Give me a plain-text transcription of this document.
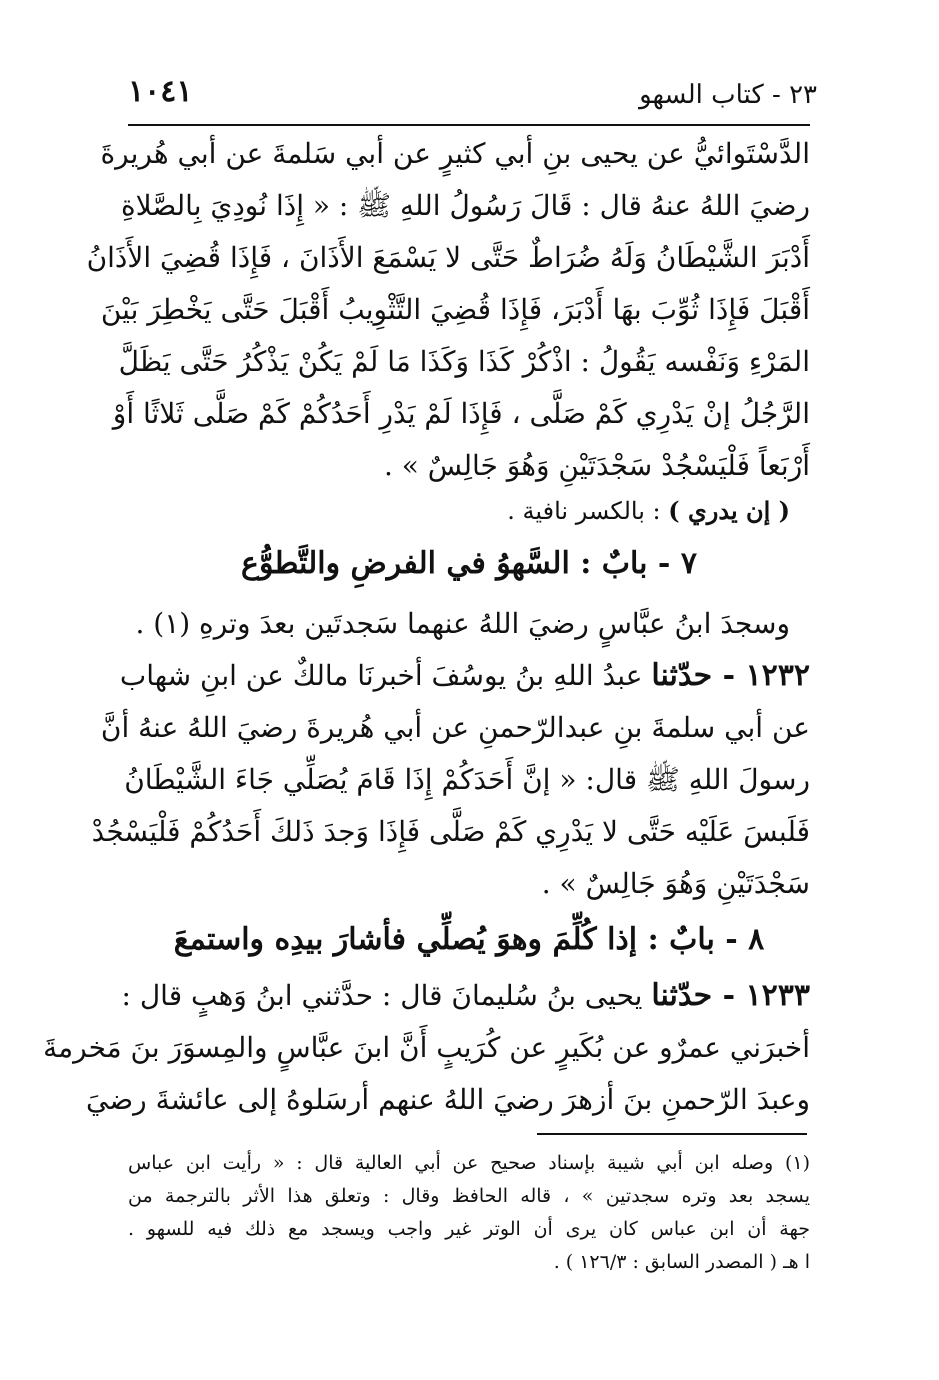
١٠٤١	٢٣ - كتاب السهو
الدَّسْتَوائيُّ عن يحيى بنِ أبي كثيرٍ عن أبي سَلمةَ عن أبي هُريرةَ
رضيَ اللهُ عنهُ قال : قَالَ رَسُولُ اللهِ ﷺ : « إِذَا نُودِيَ بِالصَّلاةِ
أَدْبَرَ الشَّيْطَانُ وَلَهُ ضُرَاطٌ حَتَّى لا يَسْمَعَ الأَذَانَ ، فَإِذَا قُضِيَ الأَذَانُ
أَقْبَلَ فَإِذَا ثُوِّبَ بهَا أَدْبَرَ، فَإِذَا قُضِيَ التَّثْوِيبُ أَقْبَلَ حَتَّى يَخْطِرَ بَيْنَ
المَرْءِ وَنَفْسه يَقُولُ : اذْكُرْ كَذَا وَكَذَا مَا لَمْ يَكُنْ يَذْكُرُ حَتَّى يَظَلَّ
الرَّجُلُ إنْ يَدْرِي كَمْ صَلَّى ، فَإِذَا لَمْ يَدْرِ أَحَدُكُمْ كَمْ صَلَّى ثَلاثًا أَوْ
أَرْبَعاً فَلْيَسْجُدْ سَجْدَتَيْنِ وَهُوَ جَالِسٌ » .
( إن يدري ) : بالكسر نافية .
٧ - بابٌ : السَّهوُ في الفرضِ والتَّطوُّع
وسجدَ ابنُ عبَّاسٍ رضيَ اللهُ عنهما سَجدتَين بعدَ وترهِ (١) .
١٢٣٢ - حدّثنا عبدُ اللهِ بنُ يوسُفَ أخبرنَا مالكٌ عن ابنِ شهاب
عن أبي سلمةَ بنِ عبدالرّحمنِ عن أبي هُريرةَ رضيَ اللهُ عنهُ أنَّ
رسولَ اللهِ ﷺ قال: « إنَّ أَحَدَكُمْ إِذَا قَامَ يُصَلِّي جَاءَ الشَّيْطَانُ
فَلَبسَ عَلَيْه حَتَّى لا يَدْرِي كَمْ صَلَّى فَإِذَا وَجدَ ذَلكَ أَحَدُكُمْ فَلْيَسْجُدْ
سَجْدَتَيْنِ وَهُوَ جَالِسٌ » .
٨ - بابٌ : إذا كُلِّمَ وهوَ يُصلِّي فأشارَ بيدِه واستمعَ
١٢٣٣ - حدّثنا يحيى بنُ سُليمانَ قال : حدَّثني ابنُ وَهبٍ قال :
أخبرَني عمرٌو عن بُكَيرٍ عن كُرَيبٍ أَنَّ ابنَ عبَّاسٍ والمِسوَرَ بنَ مَخرمةَ
وعبدَ الرّحمنِ بنَ أزهرَ رضيَ اللهُ عنهم أرسَلوهُ إلى عائشةَ رضيَ
(١) وصله ابن أبي شيبة بإسناد صحيح عن أبي العالية قال : « رأيت ابن عباس
يسجد بعد وتره سجدتين » ، قاله الحافظ وقال : وتعلق هذا الأثر بالترجمة من
جهة أن ابن عباس كان يرى أن الوتر غير واجب ويسجد مع ذلك فيه للسهو .
ا هـ ( المصدر السابق : ١٢٦/٣ ) .
